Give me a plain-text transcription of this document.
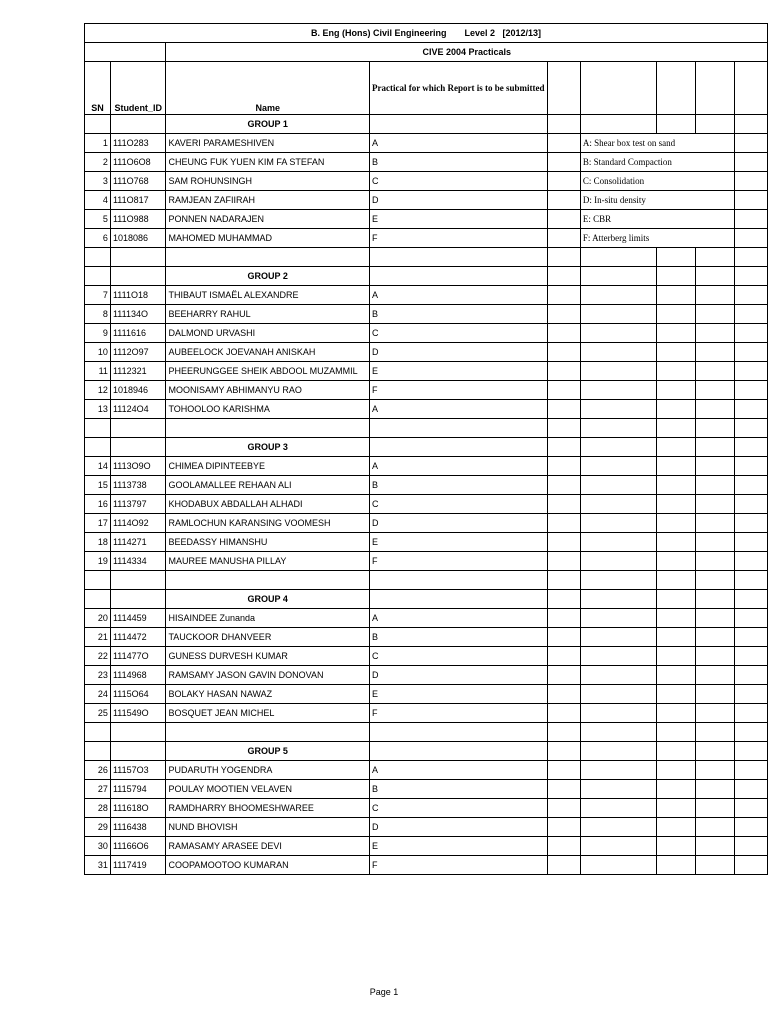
B. Eng (Hons) Civil Engineering Level 2 [2012/13]								
		CIVE 2004 Practicals						
SN	Student_ID	Name	Practical for which Report is to be submitted					
		GROUP 1						
1	111O283	KAVERI PARAMESHIVEN	A		A: Shear box test on sand			
2	111O6O8	CHEUNG FUK YUEN KIM FA STEFAN	B		B: Standard Compaction			
3	111O768	SAM ROHUNSINGH	C		C: Consolidation			
4	111O817	RAMJEAN ZAFIIRAH	D		D: In-situ density			
5	111O988	PONNEN NADARAJEN	E		E: CBR			
6	1018086	MAHOMED MUHAMMAD	F		F: Atterberg limits			

		GROUP 2						
7	1111O18	THIBAUT ISMAËL ALEXANDRE	A					
8	111134O	BEEHARRY RAHUL	B					
9	1111616	DALMOND URVASHI	C					
10	1112O97	AUBEELOCK JOEVANAH ANISKAH	D					
11	1112321	PHEERUNGGEE SHEIK ABDOOL MUZAMMIL	E					
12	1018946	MOONISAMY ABHIMANYU RAO	F					
13	11124O4	TOHOOLOO KARISHMA	A					

		GROUP 3						
14	1113O9O	CHIMEA DIPINTEEBYE	A					
15	1113738	GOOLAMALLEE REHAAN ALI	B					
16	1113797	KHODABUX ABDALLAH ALHADI	C					
17	1114O92	RAMLOCHUN KARANSING VOOMESH	D					
18	1114271	BEEDASSY HIMANSHU	E					
19	1114334	MAUREE MANUSHA PILLAY	F					

		GROUP 4						
20	1114459	HISAINDEE Zunanda	A					
21	1114472	TAUCKOOR DHANVEER	B					
22	111477O	GUNESS DURVESH KUMAR	C					
23	1114968	RAMSAMY JASON GAVIN DONOVAN	D					
24	1115O64	BOLAKY HASAN NAWAZ	E					
25	111549O	BOSQUET JEAN MICHEL	F					

		GROUP 5						
26	11157O3	PUDARUTH YOGENDRA	A					
27	1115794	POULAY MOOTIEN VELAVEN	B					
28	111618O	RAMDHARRY BHOOMESHWAREE	C					
29	1116438	NUND BHOVISH	D					
30	11166O6	RAMASAMY ARASEE DEVI	E					
31	1117419	COOPAMOOTOO KUMARAN	F					
Page 1
